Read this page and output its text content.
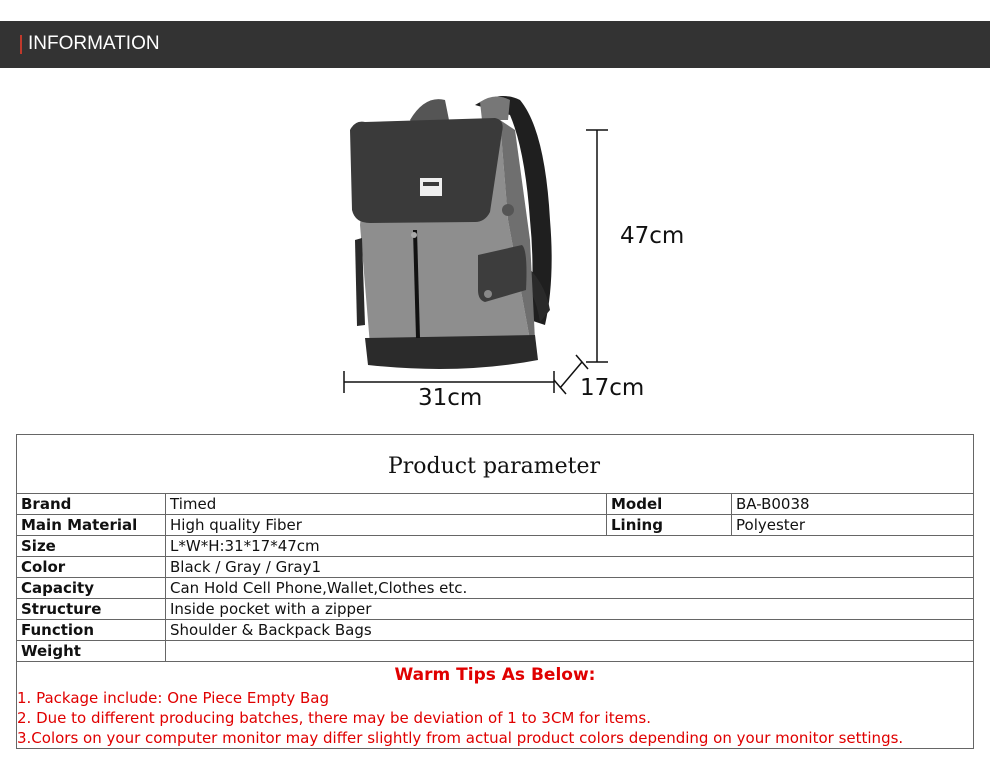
INFORMATION
47cm
31cm	17cm
Product parameter			
Brand	Timed	Model	BA-B0038
Main Material	High quality Fiber	Lining	Polyester
Size	L*W*H:31*17*47cm		
Color	Black / Gray / Gray1		
Capacity	Can Hold Cell Phone,Wallet,Clothes etc.		
Structure	Inside pocket with a zipper		
Function	Shoulder & Backpack Bags		
Weight			

Warm Tips As Below:
1. Package include: One Piece Empty Bag
2. Due to different producing batches, there may be deviation of 1 to 3CM for items.
3.Colors on your computer monitor may differ slightly from actual product colors depending on your monitor settings.			
